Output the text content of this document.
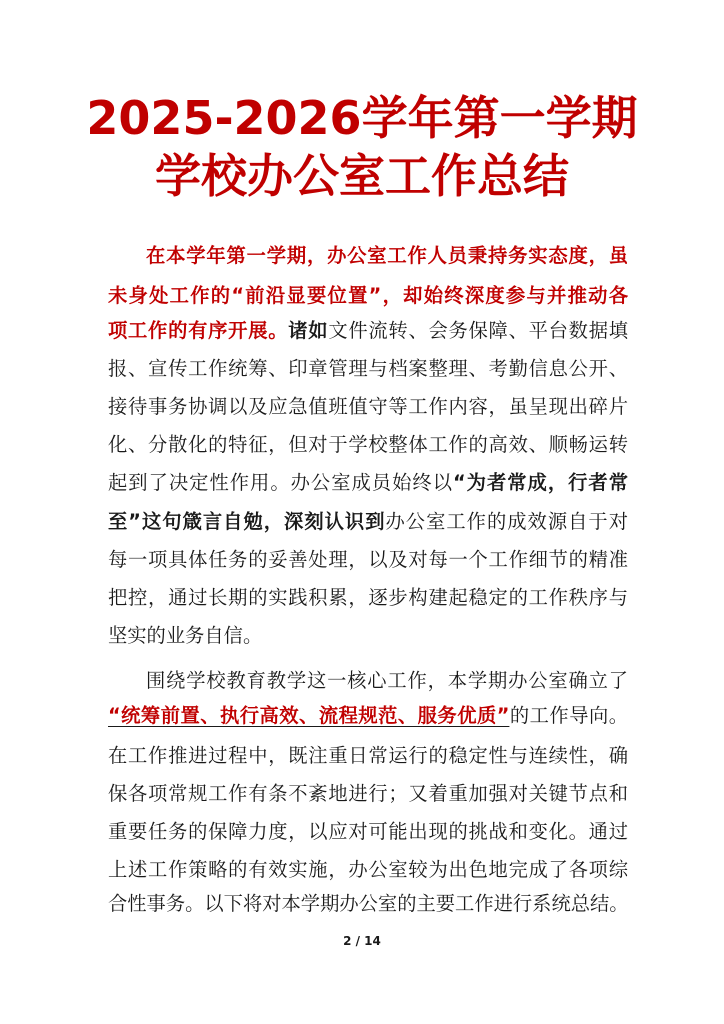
2025-2026学年第一学期
学校办公室工作总结
在本学年第一学期，办公室工作人员秉持务实态度，虽
未身处工作的“前沿显要位置”，却始终深度参与并推动各
项工作的有序开展。诸如文件流转、会务保障、平台数据填
报、宣传工作统筹、印章管理与档案整理、考勤信息公开、
接待事务协调以及应急值班值守等工作内容，虽呈现出碎片
化、分散化的特征，但对于学校整体工作的高效、顺畅运转
起到了决定性作用。办公室成员始终以“为者常成，行者常
至”这句箴言自勉，深刻认识到办公室工作的成效源自于对
每一项具体任务的妥善处理，以及对每一个工作细节的精准
把控，通过长期的实践积累，逐步构建起稳定的工作秩序与
坚实的业务自信。
围绕学校教育教学这一核心工作，本学期办公室确立了
“统筹前置、执行高效、流程规范、服务优质”的工作导向。
在工作推进过程中，既注重日常运行的稳定性与连续性，确
保各项常规工作有条不紊地进行；又着重加强对关键节点和
重要任务的保障力度，以应对可能出现的挑战和变化。通过
上述工作策略的有效实施，办公室较为出色地完成了各项综
合性事务。以下将对本学期办公室的主要工作进行系统总结。
2 / 14
